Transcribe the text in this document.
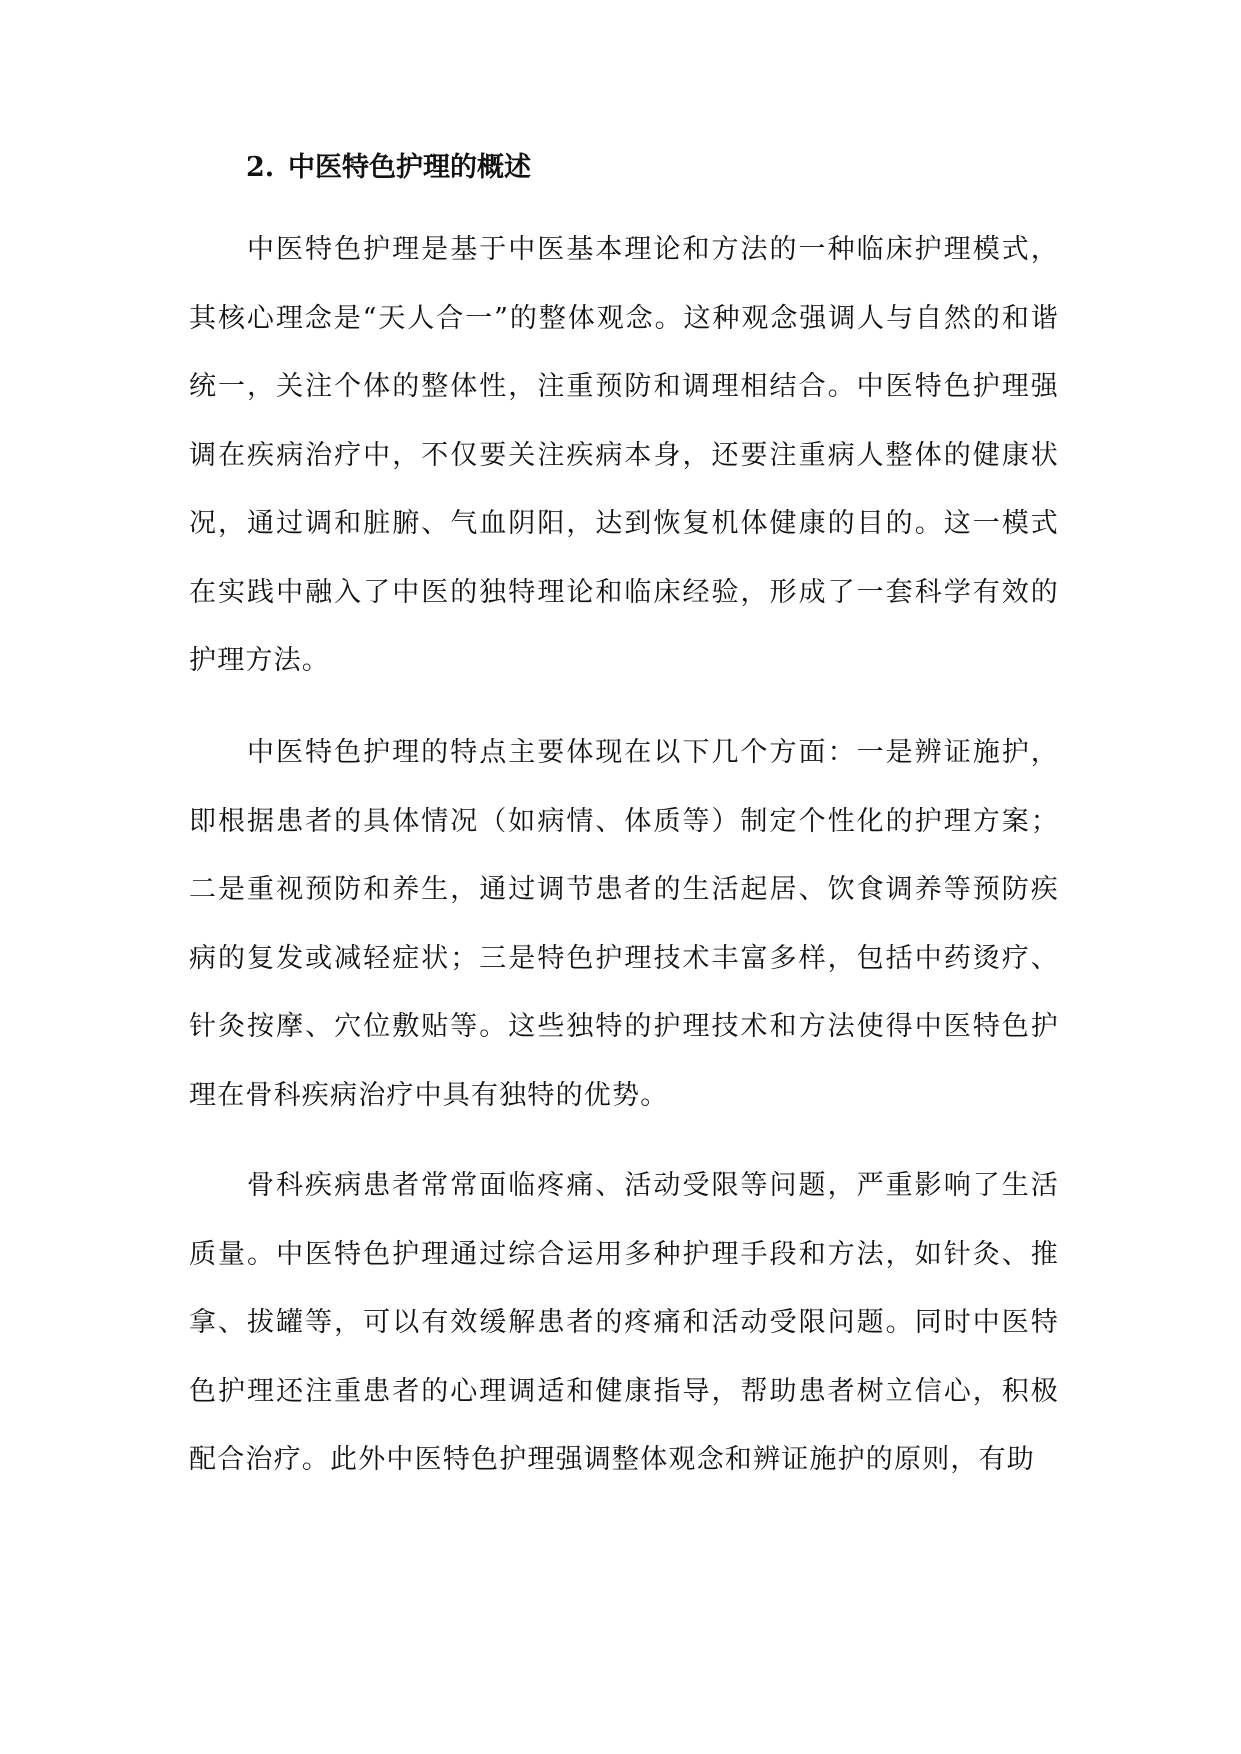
2. 中医特色护理的概述

中医特色护理是基于中医基本理论和方法的一种临床护理模式，其核心理念是“天人合一”的整体观念。这种观念强调人与自然的和谐统一，关注个体的整体性，注重预防和调理相结合。中医特色护理强调在疾病治疗中，不仅要关注疾病本身，还要注重病人整体的健康状况，通过调和脏腑、气血阴阳，达到恢复机体健康的目的。这一模式在实践中融入了中医的独特理论和临床经验，形成了一套科学有效的护理方法。

中医特色护理的特点主要体现在以下几个方面：一是辨证施护，即根据患者的具体情况（如病情、体质等）制定个性化的护理方案；二是重视预防和养生，通过调节患者的生活起居、饮食调养等预防疾病的复发或减轻症状；三是特色护理技术丰富多样，包括中药烫疗、针灸按摩、穴位敷贴等。这些独特的护理技术和方法使得中医特色护理在骨科疾病治疗中具有独特的优势。

骨科疾病患者常常面临疼痛、活动受限等问题，严重影响了生活质量。中医特色护理通过综合运用多种护理手段和方法，如针灸、推拿、拔罐等，可以有效缓解患者的疼痛和活动受限问题。同时中医特色护理还注重患者的心理调适和健康指导，帮助患者树立信心，积极配合治疗。此外中医特色护理强调整体观念和辨证施护的原则，有助
